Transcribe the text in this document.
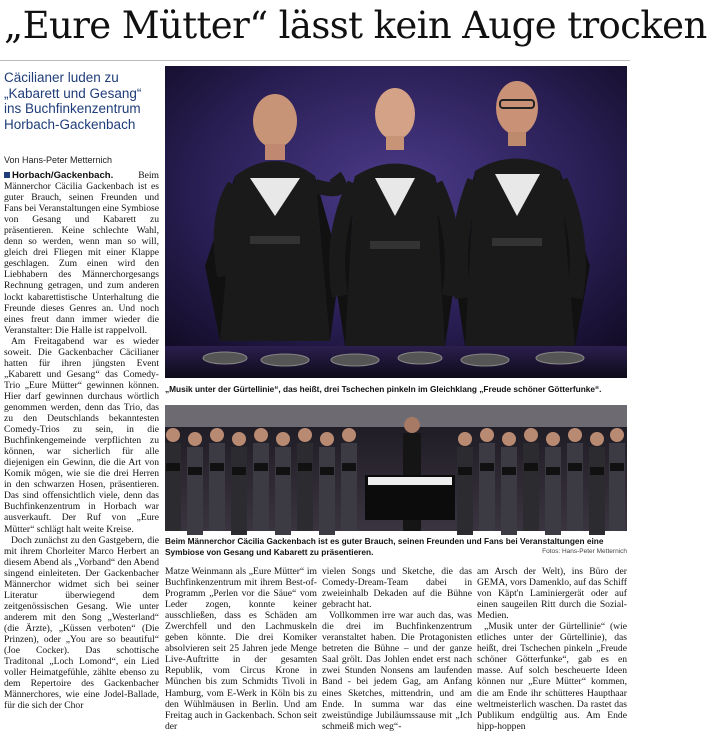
„Eure Mütter“ lässt kein Auge trocken
Cäcilianer luden zu „Kabarett und Gesang“ ins Buchfinkenzentrum Horbach-Gackenbach
Von Hans-Peter Metternich

Horbach/Gackenbach.	Beim Männerchor Cäcilia Gackenbach ist es guter Brauch, seinen Freunden und Fans bei Veranstaltungen eine Symbiose von Gesang und Kabarett zu präsentieren. Keine schlechte Wahl, denn so werden, wenn man so will, gleich drei Fliegen mit einer Klappe geschlagen. Zum einen wird den Liebhabern des Männerchorgesangs Rechnung getragen, und zum anderen lockt kabarettistische Unterhaltung die Freunde dieses Genres an. Und noch eines freut dann immer wieder die Veranstalter: Die Halle ist rappelvoll.

Am Freitagabend war es wieder soweit. Die Gackenbacher Cäcilianer hatten für ihren jüngsten Event „Kabarett und Gesang“ das Comedy-Trio „Eure Mütter“ gewinnen können. Hier darf gewinnen durchaus wörtlich genommen werden, denn das Trio, das zu den Deutschlands bekanntesten Comedy-Trios zu sein, in die Buchfinkengemeinde verpflichten zu können, war sicherlich für alle diejenigen ein Gewinn, die die Art von Komik mögen, wie sie die drei Herren in den schwarzen Hosen, präsentieren. Das sind offensichtlich viele, denn das Buchfinkenzentrum in Horbach war ausverkauft. Der Ruf von „Eure Mütter“ schlägt halt weite Kreise.

Doch zunächst zu den Gastgebern, die mit ihrem Chorleiter Marco Herbert an diesem Abend als „Vorband“ den Abend singend einleiteten. Der Gackenbacher Männerchor widmet sich bei seiner Literatur überwiegend dem zeitgenössischen Gesang. Wie unter anderem mit den Song „Westerland“ (die Ärzte), „Küssen verboten“ (Die Prinzen), oder „You are so beautiful“ (Joe Cocker). Das schottische Traditonal „Loch Lomond“, ein Lied voller Heimatgefühle, zählte ebenso zu dem Repertoire des Gackenbacher Männerchores, wie eine Jodel-Ballade, für die sich der Chor

„Musik unter der Gürtellinie“, das heißt, drei Tschechen pinkeln im Gleichklang „Freude schöner Götterfunke“.
Beim Männerchor Cäcilia Gackenbach ist es guter Brauch, seinen Freunden und Fans bei Veranstaltungen eine Symbiose von Gesang und Kabarett zu präsentieren.	Fotos: Hans-Peter Metternich

Matze Weinmann als „Eure Mütter“ im Buchfinkenzentrum mit ihrem Best-of-Programm „Perlen vor die Säue“ vom Leder zogen, konnte keiner ausschließen, dass es Schäden am Zwerchfell und den Lachmuskeln geben könnte. Die drei Komiker absolvieren seit 25 Jahren jede Menge Live-Auftritte in der gesamten Republik, vom Circus Krone in München bis zum Schmidts Tivoli in Hamburg, vom E-Werk in Köln bis zu den Wühlmäusen in Berlin. Und am Freitag auch in Gackenbach. Schon seit der

vielen Songs und Sketche, die das Comedy-Dream-Team dabei in zweieinhalb Dekaden auf die Bühne gebracht hat.

Vollkommen irre war auch das, was die drei im Buchfinkenzentrum veranstaltet haben. Die Protagonisten betreten die Bühne – und der ganze Saal grölt. Das Johlen endet erst nach zwei Stunden Nonsens am laufenden Band - bei jedem Gag, am Anfang eines Sketches, mittendrin, und am Ende. In summa war das eine zweistündige Jubiläumssause mit „Ich schmeiß mich weg“-

am Arsch der Welt), ins Büro der GEMA, vors Damenklo, auf das Schiff von Käpt'n Laminiergerät oder auf einen saugeilen Ritt durch die Sozial-Medien.

„Musik unter der Gürtellinie“ (wie etliches unter der Gürtellinie), das heißt, drei Tschechen pinkeln „Freude schöner Götterfunke“, gab es en masse. Auf solch bescheuerte Ideen können nur „Eure Mütter“ kommen, die am Ende ihr schütteres Haupthaar weltmeisterlich waschen. Da rastet das Publikum endgültig aus. Am Ende hipp-hoppen
